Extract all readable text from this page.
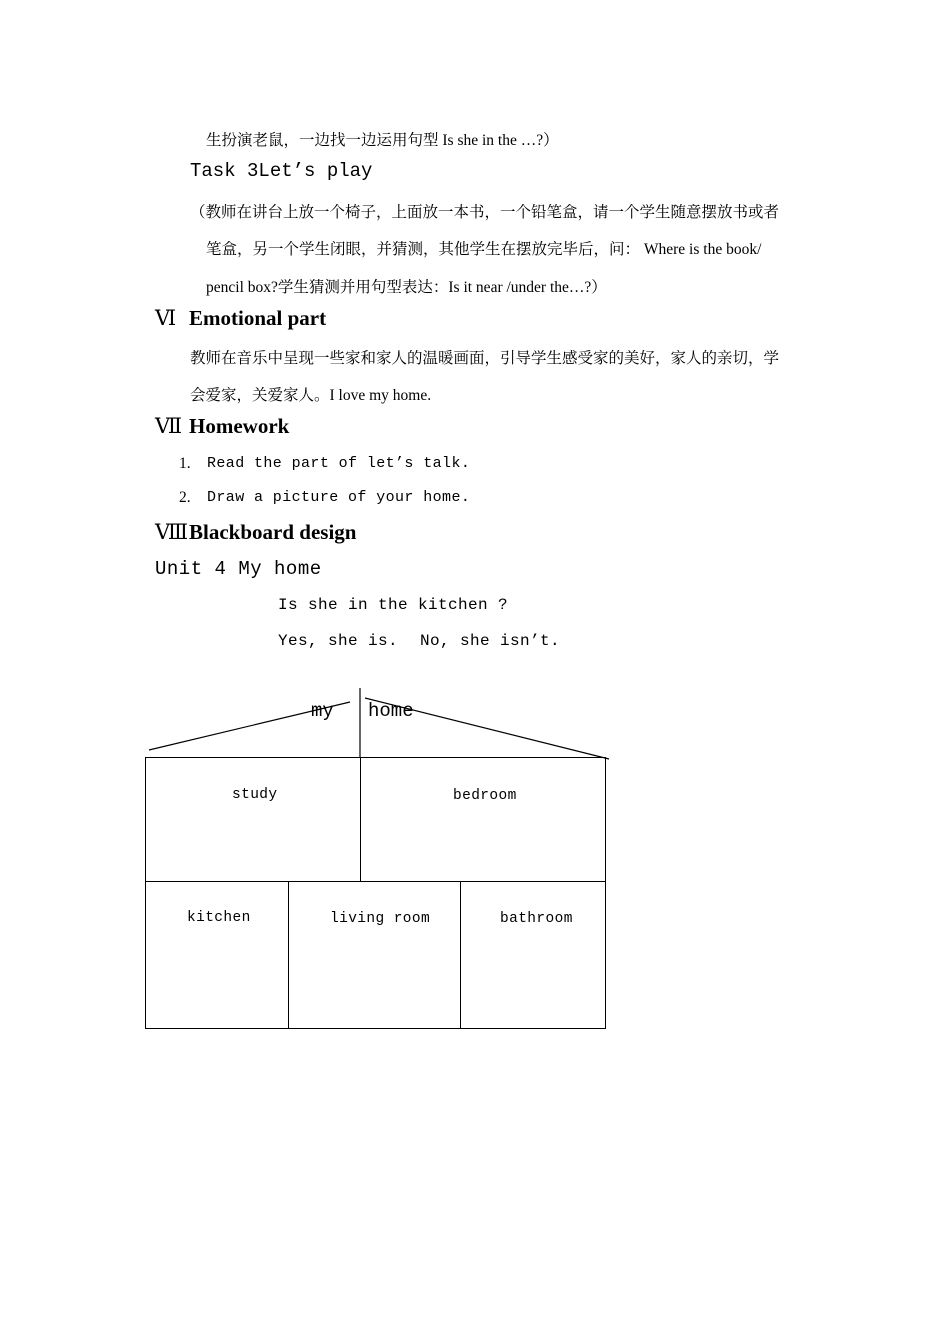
生扮演老鼠，一边找一边运用句型 Is she in the …?）
Task 3Let’s play
（教师在讲台上放一个椅子，上面放一本书，一个铅笔盒，请一个学生随意摆放书或者
笔盒，另一个学生闭眼，并猜测，其他学生在摆放完毕后，问： Where is the book/
pencil box?学生猜测并用句型表达：Is it near /under the…?）
Ⅵ Emotional part
教师在音乐中呈现一些家和家人的温暖画面，引导学生感受家的美好，家人的亲切，学
会爱家，关爱家人。I love my home.
Ⅶ Homework
1. Read the part of let’s talk.
2. Draw a picture of your home.
Ⅷ Blackboard design
Unit 4 My home
Is she in the kitchen ?
Yes, she is. No, she isn’t.
my home
study	bedroom
kitchen	living room	bathroom
